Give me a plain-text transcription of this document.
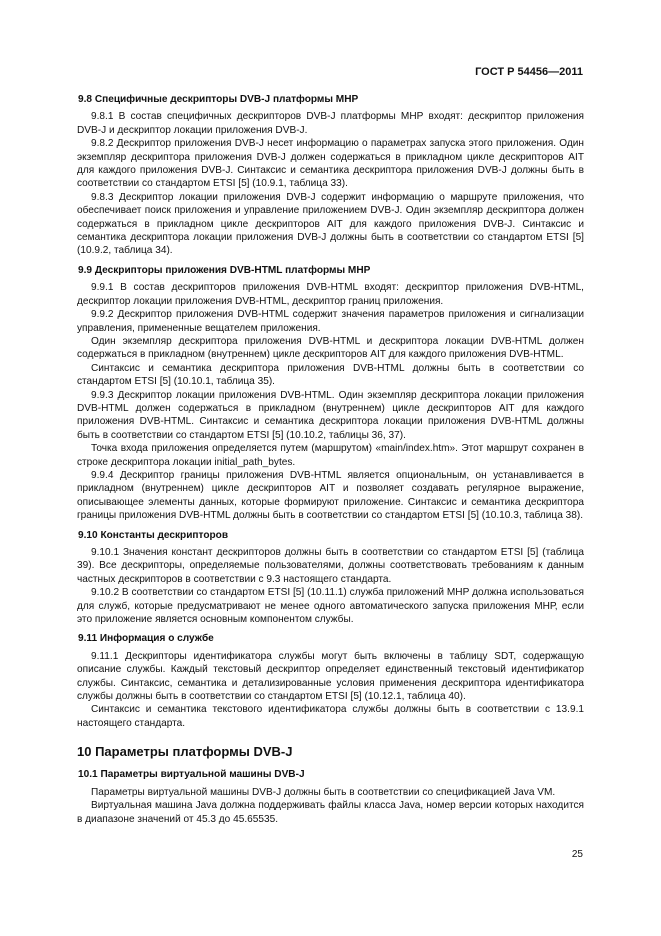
ГОСТ Р 54456—2011
9.8 Специфичные дескрипторы DVB-J платформы МНР

9.8.1 В состав специфичных дескрипторов DVB-J платформы МНР входят: дескриптор приложения DVB-J и дескриптор локации приложения DVB-J.

9.8.2 Дескриптор приложения DVB-J несет информацию о параметрах запуска этого приложения. Один экземпляр дескриптора приложения DVB-J должен содержаться в прикладном цикле дескрипторов AIT для каждого приложения DVB-J. Синтаксис и семантика дескриптора приложения DVB-J должны быть в соответствии со стандартом ETSI [5] (10.9.1, таблица 33).

9.8.3 Дескриптор локации приложения DVB-J содержит информацию о маршруте приложения, что обеспечивает поиск приложения и управление приложением DVB-J. Один экземпляр дескриптора должен содержаться в прикладном цикле дескрипторов AIT для каждого приложения DVB-J. Синтаксис и семантика дескриптора локации приложения DVB-J должны быть в соответствии со стандартом ETSI [5] (10.9.2, таблица 34).

9.9 Дескрипторы приложения DVB-HTML платформы МНР

9.9.1 В состав дескрипторов приложения DVB-HTML входят: дескриптор приложения DVB-HTML, дескриптор локации приложения DVB-HTML, дескриптор границ приложения.

9.9.2 Дескриптор приложения DVB-HTML содержит значения параметров приложения и сигнализации управления, примененные вещателем приложения.

Один экземпляр дескриптора приложения DVB-HTML и дескриптора локации DVB-HTML должен содержаться в прикладном (внутреннем) цикле дескрипторов AIT для каждого приложения DVB-HTML.

Синтаксис и семантика дескриптора приложения DVB-HTML должны быть в соответствии со стандартом ETSI [5] (10.10.1, таблица 35).

9.9.3 Дескриптор локации приложения DVB-HTML. Один экземпляр дескриптора локации приложения DVB-HTML должен содержаться в прикладном (внутреннем) цикле дескрипторов AIT для каждого приложения DVB-HTML. Синтаксис и семантика дескриптора локации приложения DVB-HTML должны быть в соответствии со стандартом ETSI [5] (10.10.2, таблицы 36, 37).

Точка входа приложения определяется путем (маршрутом) «main/index.htm». Этот маршрут сохранен в строке дескриптора локации initial_path_bytes.

9.9.4 Дескриптор границы приложения DVB-HTML является опциональным, он устанавливается в прикладном (внутреннем) цикле дескрипторов AIT и позволяет создавать регулярное выражение, описывающее элементы данных, которые формируют приложение. Синтаксис и семантика дескриптора границы приложения DVB-HTML должны быть в соответствии со стандартом ETSI [5] (10.10.3, таблица 38).

9.10 Константы дескрипторов

9.10.1 Значения констант дескрипторов должны быть в соответствии со стандартом ETSI [5] (таблица 39). Все дескрипторы, определяемые пользователями, должны соответствовать требованиям к данным частных дескрипторов в соответствии с 9.3 настоящего стандарта.

9.10.2 В соответствии со стандартом ETSI [5] (10.11.1) служба приложений МНР должна использоваться для служб, которые предусматривают не менее одного автоматического запуска приложения МНР, если это приложение является основным компонентом службы.

9.11 Информация о службе

9.11.1 Дескрипторы идентификатора службы могут быть включены в таблицу SDT, содержащую описание службы. Каждый текстовый дескриптор определяет единственный текстовый идентификатор службы. Синтаксис, семантика и детализированные условия применения дескриптора идентификатора службы должны быть в соответствии со стандартом ETSI [5] (10.12.1, таблица 40).

Синтаксис и семантика текстового идентификатора службы должны быть в соответствии с 13.9.1 настоящего стандарта.

10 Параметры платформы DVB-J
10.1 Параметры виртуальной машины DVB-J

Параметры виртуальной машины DVB-J должны быть в соответствии со спецификацией Java VM.

Виртуальная машина Java должна поддерживать файлы класса Java, номер версии которых находится в диапазоне значений от 45.3 до 45.65535.

25
